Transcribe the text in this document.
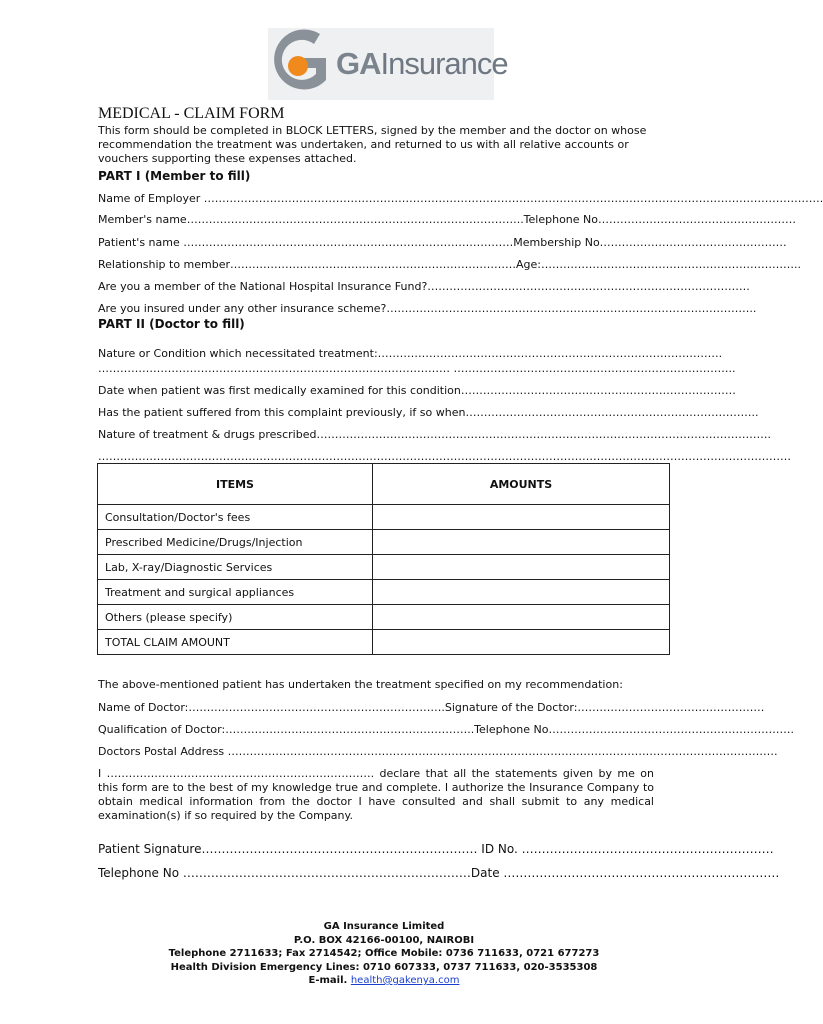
GAInsurance
MEDICAL - CLAIM FORM
This form should be completed in BLOCK LETTERS, signed by the member and the doctor on whose recommendation the treatment was undertaken, and returned to us with all relative accounts or vouchers supporting these expenses attached.
PART I (Member to fill)
Name of Employer …………………………………………………………………………………………………………………………………………………….
Member's name………………………………………………………………………………..Telephone No………………………………………………
Patient's name ………………………………………………………………………………Membership No……………………………………………
Relationship to member……………………………………………………………………Age:……………………………………………………………..
Are you a member of the National Hospital Insurance Fund?…………………………………………………………………………….
Are you insured under any other insurance scheme?………………………………………………………………………………………..
PART II (Doctor to fill)
Nature or Condition which necessitated treatment:………………………………………………………………………………….
…………………………………………………………………………………… …………………………………………………………………..
Date when patient was first medically examined for this condition…………………………………………………………………
Has the patient suffered from this complaint previously, if so when……………………………………………………………………..
Nature of treatment & drugs prescribed…………………………………………………………………………………………………………….
………………………………………………………………………………………………………………………………………………………………………
ITEMS	AMOUNTS
Consultation/Doctor's fees	
Prescribed Medicine/Drugs/Injection	
Lab, X-ray/Diagnostic Services	
Treatment and surgical appliances	
Others (please specify)	
TOTAL CLAIM AMOUNT	
The above-mentioned patient has undertaken the treatment specified on my recommendation:
Name of Doctor:…………………………………………………………….Signature of the Doctor:……………………………………………
Qualification of Doctor:…………………………………………………………..Telephone No………………………………………………………….
Doctors Postal Address ……………………………………………………………………………………………………………………………………
I ………………………………………………………………. declare that all the statements given by me on this form are to the best of my knowledge true and complete. I authorize the Insurance Company to obtain medical information from the doctor I have consulted and shall submit to any medical examination(s) if so required by the Company.
Patient Signature…………………………………………………………… ID No. ………………………………………………………
Telephone No ………………………………………………………………Date ……………………………………………………………
GA Insurance Limited
P.O. BOX 42166-00100, NAIROBI
Telephone 2711633; Fax 2714542; Office Mobile: 0736 711633, 0721 677273
Health Division Emergency Lines: 0710 607333, 0737 711633, 020-3535308
E-mail. health@gakenya.com
